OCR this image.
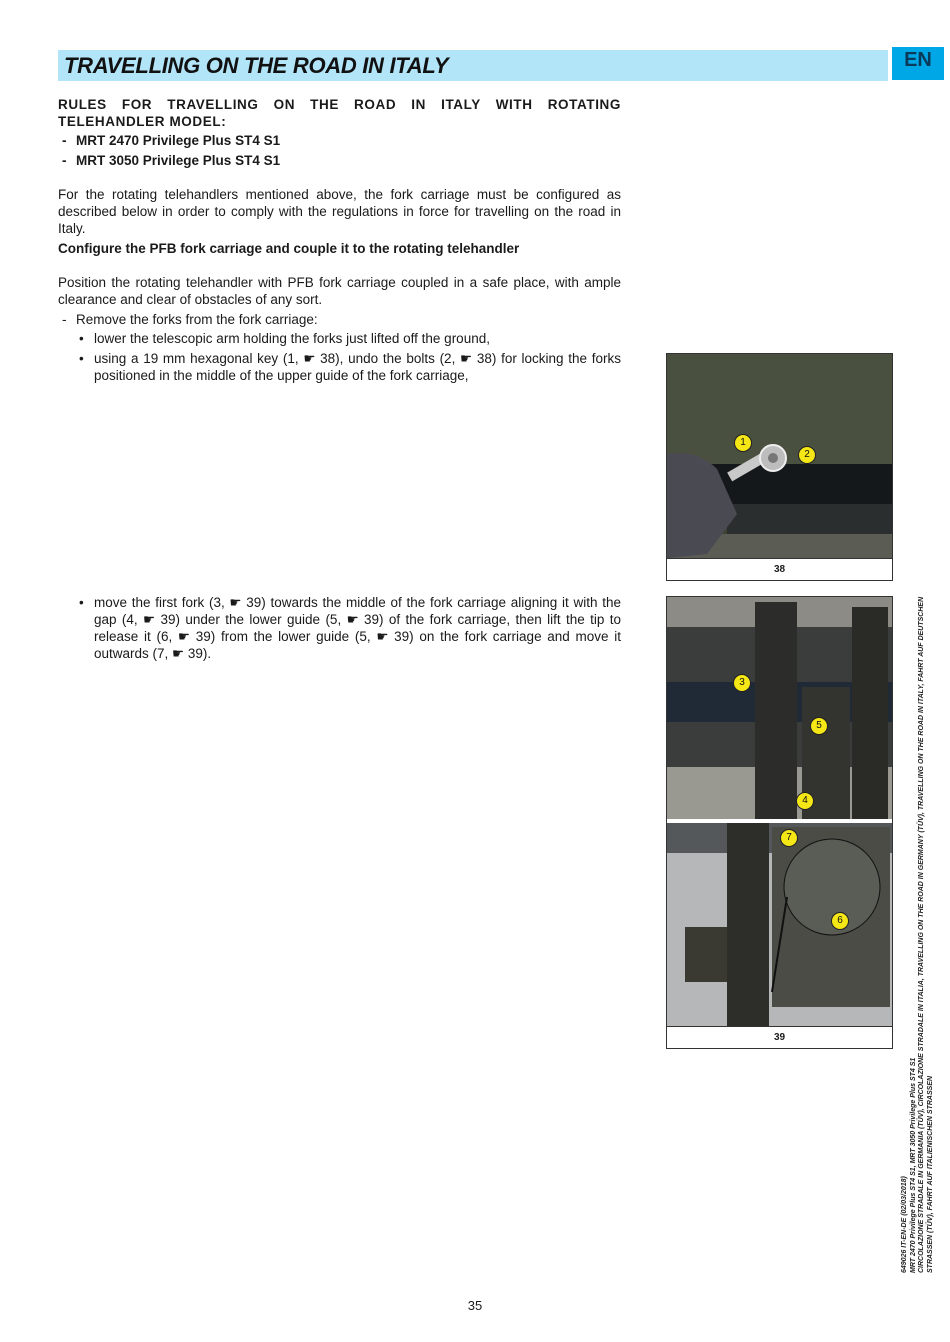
TRAVELLING ON THE ROAD IN ITALY	EN
RULES FOR TRAVELLING ON THE ROAD IN ITALY WITH ROTATING TELEHANDLER MODEL:
- MRT 2470 Privilege Plus ST4 S1
- MRT 3050 Privilege Plus ST4 S1
For the rotating telehandlers mentioned above, the fork carriage must be configured as described below in order to comply with the regulations in force for travelling on the road in Italy.
Configure the PFB fork carriage and couple it to the rotating telehandler
Position the rotating telehandler with PFB fork carriage coupled in a safe place, with ample clearance and clear of obstacles of any sort.
- Remove the forks from the fork carriage:
• lower the telescopic arm holding the forks just lifted off the ground,
• using a 19 mm hexagonal key (1, ☛ 38), undo the bolts (2, ☛ 38) for locking the forks positioned in the middle of the upper guide of the fork carriage,
• move the first fork (3, ☛ 39) towards the middle of the fork carriage aligning it with the gap (4, ☛ 39) under the lower guide (5, ☛ 39) of the fork carriage, then lift the tip to release it (6, ☛ 39) from the lower guide (5, ☛ 39) on the fork carriage and move it outwards (7, ☛ 39).
1
2
38
3
5
4
7
6
39	CIRCOLAZIONE STRADALE IN GERMANIA (TÜV), CIRCOLAZIONE STRADALE IN ITALIA, TRAVELLING ON THE ROAD IN GERMANY (TÜV), TRAVELLING ON THE ROAD IN ITALY, FAHRT AUF DEUTSCHEN STRASSEN (TÜV), FAHRT AUF ITALIENISCHEN STRASSEN
649026 IT-EN-DE (02/03/2018) MRT 2470 Privilege Plus ST4 S1, MRT 3050 Privilege Plus ST4 S1
35
